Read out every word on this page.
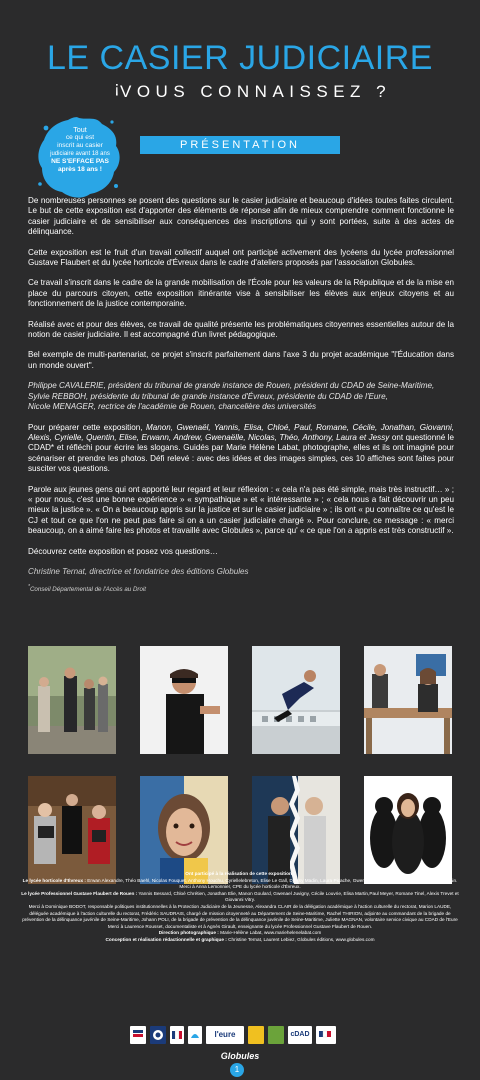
LE CASIER JUDICIAIRE
¡ VOUS CONNAISSEZ ?
Tout
ce qui est
inscrit au casier
judiciaire avant 18 ans
NE S'EFFACE PAS
après 18 ans !
PRÉSENTATION

De nombreuses personnes se posent des questions sur le casier judiciaire et beaucoup d'idées toutes faites circulent. Le but de cette exposition est d'apporter des éléments de réponse afin de mieux comprendre comment fonctionne le casier judiciaire et de sensibiliser aux conséquences des inscriptions qui y sont portées, suite à des actes de délinquance.

Cette exposition est le fruit d'un travail collectif auquel ont participé activement des lycéens du lycée professionnel Gustave Flaubert et du lycée horticole d'Évreux dans le cadre d'ateliers proposés par l'association Globules.

Ce travail s'inscrit dans le cadre de la grande mobilisation de l'École pour les valeurs de la République et de la mise en place du parcours citoyen, cette exposition itinérante vise à sensibiliser les élèves aux enjeux citoyens et au fonctionnement de la justice contemporaine.

Réalisé avec et pour des élèves, ce travail de qualité présente les problématiques citoyennes essentielles autour de la notion de casier judiciaire. Il est accompagné d'un livret pédagogique.

Bel exemple de multi-partenariat, ce projet s'inscrit parfaitement dans l'axe 3 du projet académique "l'Éducation dans un monde ouvert".

Philippe CAVALERIE, président du tribunal de grande instance de Rouen, président du CDAD de Seine-Maritime,
Sylvie REBBOH, présidente du tribunal de grande instance d'Évreux, présidente du CDAD de l'Eure,
Nicole MENAGER, rectrice de l'académie de Rouen, chancelière des universités

Pour préparer cette exposition, Manon, Gwenaël, Yannis, Elisa, Chloé, Paul, Romane, Cécile, Jonathan, Giovanni, Alexis, Cyrielle, Quentin, Elise, Erwann, Andrew, Gwenaëlle, Nicolas, Théo, Anthony, Laura et Jessy ont questionné le CDAD* et réfléchi pour écrire les slogans. Guidés par Marie Hélène Labat, photographe, elles et ils ont imaginé pour scénariser et prendre les photos. Défi relevé : avec des idées et des images simples, ces 10 affiches sont faites pour susciter vos questions.

Parole aux jeunes gens qui ont apporté leur regard et leur réflexion : « cela n'a pas été simple, mais très instructif… » ; « pour nous, c'est une bonne expérience » « sympathique » et « intéressante » ; « cela nous a fait découvrir un peu mieux la justice ». « On a beaucoup appris sur la justice et sur le casier judiciaire » ; ils ont « pu connaître ce qu'est le CJ et tout ce que l'on ne peut pas faire si on a un casier judiciaire chargé ». Pour conclure, ce message : « merci beaucoup, on a aimé faire les photos et travaillé avec Globules », parce qu' « ce que l'on a appris est très constructif ».

Découvrez cette exposition et posez vos questions…

Christine Ternat, directrice et fondatrice des éditions Globules

*Conseil Départemental de l'Accès au Droit

Ont participé à la réalisation de cette exposition :
Le lycée horticole d'Évreux : Erwan Alexandre, Théo Baehl, Nicolas Fouquet, Anthony Houchu, Cyriellelebreton, Elise Le Gall, Djessy Madin, Laura Picache, Gwenaëlle Rey, Andrew Soyez et Quentin Sylvain.
Merci à Anna Lemonnier, CPE du lycée horticole d'Évreux.
Le lycée Professionnel Gustave Flaubert de Rouen : Yannis Bessard, Chloé Chrétien, Jonathan Elie, Manon Goulard, Gwenael Juvigny, Cécile Louvrie, Elisa Martin,Paul Meyer, Romane Tinel, Alexis Trevet et Giovanni Vitry.
Merci à Dominique BODOT, responsable politiques institutionnelles à la Protection Judiciaire de la Jeunesse, Alexandra CLAIR de la délégation académique à l'action culturelle du rectorat, Marion LAUDE, déléguée académique à l'action culturelle du rectorat, Frédéric SAUDRAIS, chargé de mission citoyenneté au Département de Seine-Maritime, Rachel THIRION, adjointe au commandant de la brigade de prévention de la délinquance juvénile de Seine-Maritime, Johann POLI, de la brigade de prévention de la délinquance juvénile de Seine-Maritime, Juliette MAGNAN, volontaire service civique au CDAD de l'Eure
Merci à Laurence Rousset, documentaliste et à Agnès Girault, enseignante du lycée Professionnel Gustave Flaubert de Rouen.
Direction photographique : Marie-Hélène Labat, www.mariehelenelabat.com
Conception et réalisation rédactionnelle et graphique : Christine Ternat, Laurent Lebiez, Globules éditions, www.globules.com
l'eure	cDAD
Globules
1
